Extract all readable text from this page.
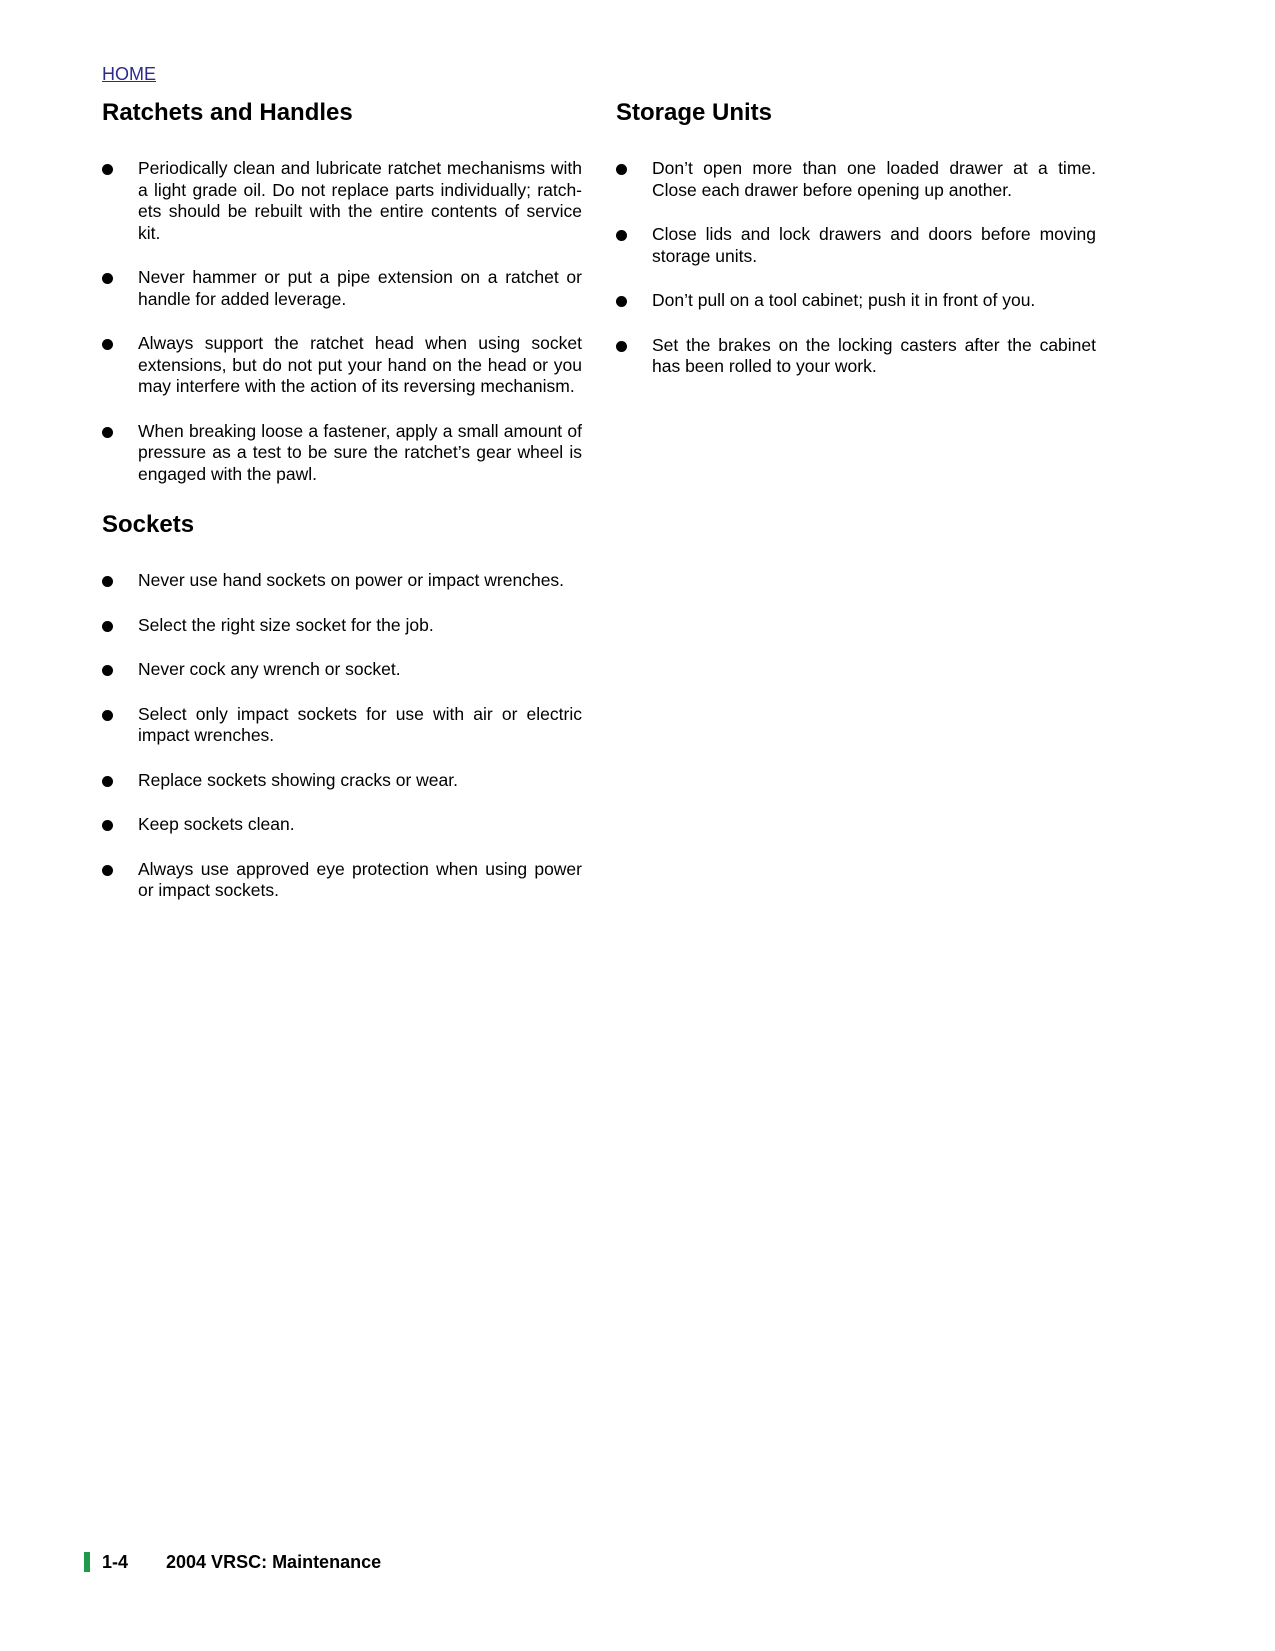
HOME
Ratchets and Handles
Periodically clean and lubricate ratchet mechanisms with a light grade oil. Do not replace parts individually; ratch-ets should be rebuilt with the entire contents of service kit.
Never hammer or put a pipe extension on a ratchet or handle for added leverage.
Always support the ratchet head when using socket extensions, but do not put your hand on the head or you may interfere with the action of its reversing mechanism.
When breaking loose a fastener, apply a small amount of pressure as a test to be sure the ratchet’s gear wheel is engaged with the pawl.
Sockets
Never use hand sockets on power or impact wrenches.
Select the right size socket for the job.
Never cock any wrench or socket.
Select only impact sockets for use with air or electric impact wrenches.
Replace sockets showing cracks or wear.
Keep sockets clean.
Always use approved eye protection when using power or impact sockets.
Storage Units
Don’t open more than one loaded drawer at a time. Close each drawer before opening up another.
Close lids and lock drawers and doors before moving storage units.
Don’t pull on a tool cabinet; push it in front of you.
Set the brakes on the locking casters after the cabinet has been rolled to your work.
1-4 2004 VRSC: Maintenance
